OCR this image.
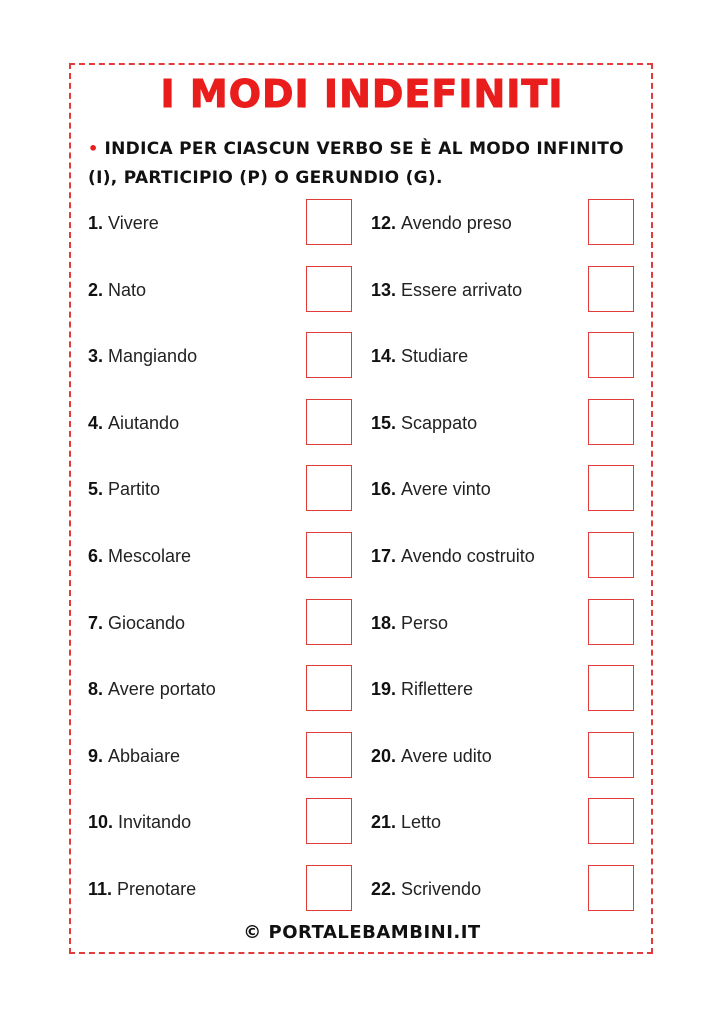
I MODI INDEFINITI
• INDICA PER CIASCUN VERBO SE È AL MODO INFINITO
(I), PARTICIPIO (P) O GERUNDIO (G).
1. Vivere
2. Nato
3. Mangiando
4. Aiutando
5. Partito
6. Mescolare
7. Giocando
8. Avere portato
9. Abbaiare
10. Invitando
11. Prenotare
12. Avendo preso
13. Essere arrivato
14. Studiare
15. Scappato
16. Avere vinto
17. Avendo costruito
18. Perso
19. Riflettere
20. Avere udito
21. Letto
22. Scrivendo
© PORTALEBAMBINI.IT
